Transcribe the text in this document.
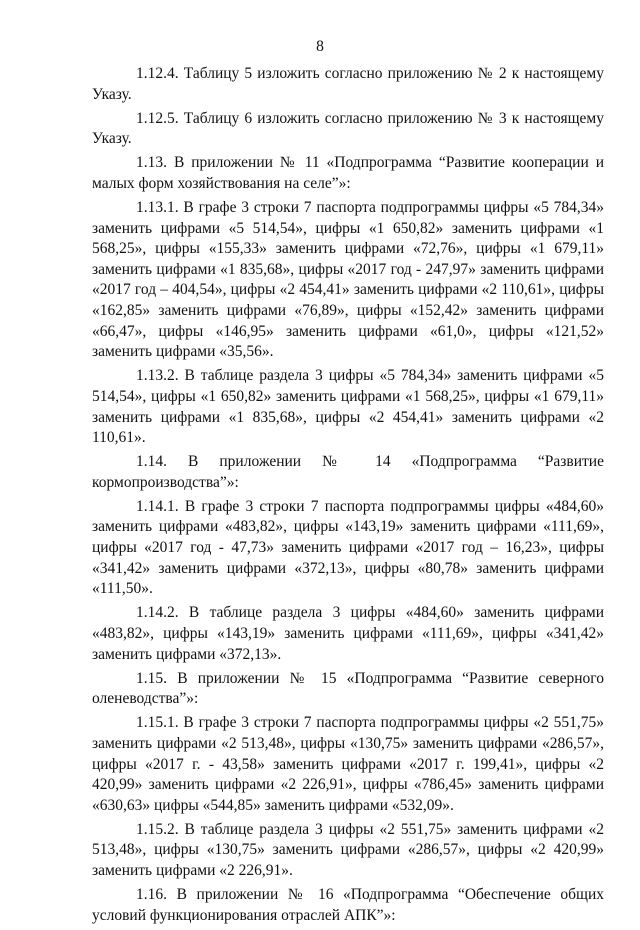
8

1.12.4. Таблицу 5 изложить согласно приложению № 2 к настоящему Указу.

1.12.5. Таблицу 6 изложить согласно приложению № 3 к настоящему Указу.

1.13. В приложении № 11 «Подпрограмма “Развитие кооперации и малых форм хозяйствования на селе”»:

1.13.1. В графе 3 строки 7 паспорта подпрограммы цифры «5 784,34» заменить цифрами «5 514,54», цифры «1 650,82» заменить цифрами «1 568,25», цифры «155,33» заменить цифрами «72,76», цифры «1 679,11» заменить цифрами «1 835,68», цифры «2017 год - 247,97» заменить цифрами «2017 год – 404,54», цифры «2 454,41» заменить цифрами «2 110,61», цифры «162,85» заменить цифрами «76,89», цифры «152,42» заменить цифрами «66,47», цифры «146,95» заменить цифрами «61,0», цифры «121,52» заменить цифрами «35,56».

1.13.2. В таблице раздела 3 цифры «5 784,34» заменить цифрами «5 514,54», цифры «1 650,82» заменить цифрами «1 568,25», цифры «1 679,11» заменить цифрами «1 835,68», цифры «2 454,41» заменить цифрами «2 110,61».

1.14. В приложении № 14 «Подпрограмма “Развитие кормопроизводства”»:

1.14.1. В графе 3 строки 7 паспорта подпрограммы цифры «484,60» заменить цифрами «483,82», цифры «143,19» заменить цифрами «111,69», цифры «2017 год - 47,73» заменить цифрами «2017 год – 16,23», цифры «341,42» заменить цифрами «372,13», цифры «80,78» заменить цифрами «111,50».

1.14.2. В таблице раздела 3 цифры «484,60» заменить цифрами «483,82», цифры «143,19» заменить цифрами «111,69», цифры «341,42» заменить цифрами «372,13».

1.15. В приложении № 15 «Подпрограмма “Развитие северного оленеводства”»:

1.15.1. В графе 3 строки 7 паспорта подпрограммы цифры «2 551,75» заменить цифрами «2 513,48», цифры «130,75» заменить цифрами «286,57», цифры «2017 г. - 43,58» заменить цифрами «2017 г. 199,41», цифры «2 420,99» заменить цифрами «2 226,91», цифры «786,45» заменить цифрами «630,63» цифры «544,85» заменить цифрами «532,09».

1.15.2. В таблице раздела 3 цифры «2 551,75» заменить цифрами «2 513,48», цифры «130,75» заменить цифрами «286,57», цифры «2 420,99» заменить цифрами «2 226,91».

1.16. В приложении № 16 «Подпрограмма “Обеспечение общих условий функционирования отраслей АПК”»:
